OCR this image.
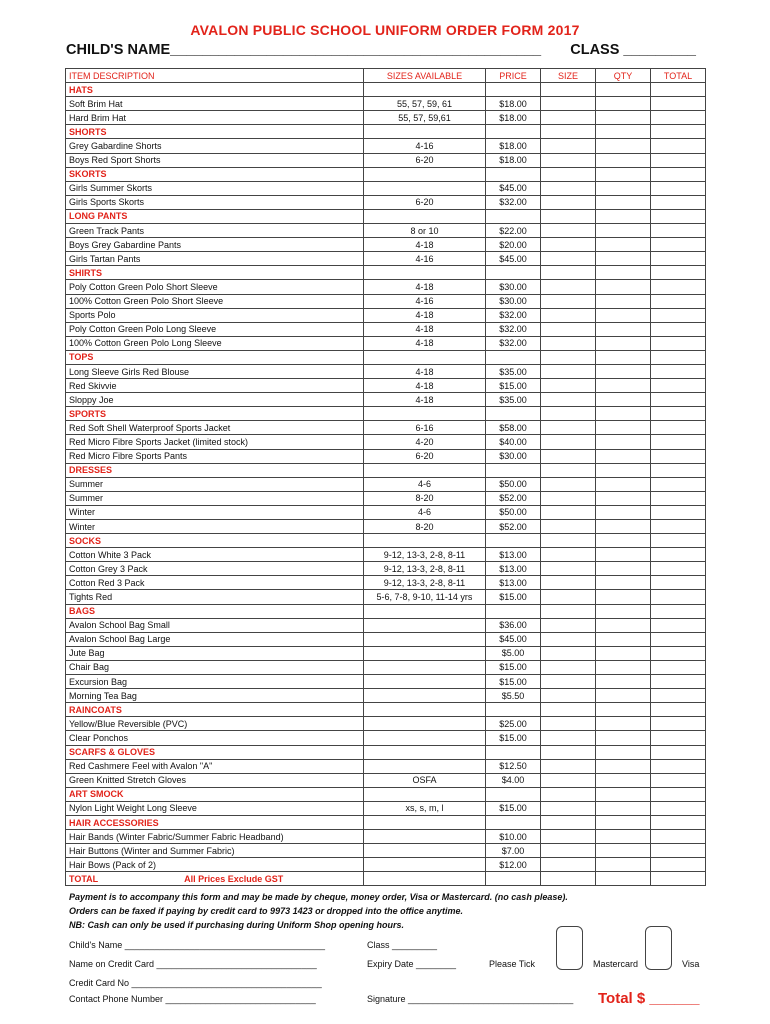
AVALON PUBLIC SCHOOL UNIFORM ORDER FORM 2017
CHILD'S NAME______________________________________________ CLASS _________
ITEM DESCRIPTION	SIZES AVAILABLE	PRICE	SIZE	QTY	TOTAL
HATS					
Soft Brim Hat	55, 57, 59, 61	$18.00			
Hard Brim Hat	55, 57, 59,61	$18.00			
SHORTS					
Grey Gabardine Shorts	4-16	$18.00			
Boys Red Sport Shorts	6-20	$18.00			
SKORTS					
Girls Summer Skorts		$45.00			
Girls Sports Skorts	6-20	$32.00			
LONG PANTS					
Green Track Pants	8 or 10	$22.00			
Boys Grey Gabardine Pants	4-18	$20.00			
Girls Tartan Pants	4-16	$45.00			
SHIRTS					
Poly Cotton Green Polo Short Sleeve	4-18	$30.00			
100% Cotton Green Polo Short Sleeve	4-16	$30.00			
Sports Polo	4-18	$32.00			
Poly Cotton Green Polo Long Sleeve	4-18	$32.00			
100% Cotton Green Polo Long Sleeve	4-18	$32.00			
TOPS					
Long Sleeve Girls Red Blouse	4-18	$35.00			
Red Skivvie	4-18	$15.00			
Sloppy Joe	4-18	$35.00			
SPORTS					
Red Soft Shell Waterproof Sports Jacket	6-16	$58.00			
Red Micro Fibre Sports Jacket (limited stock)	4-20	$40.00			
Red Micro Fibre Sports Pants	6-20	$30.00			
DRESSES					
Summer	4-6	$50.00			
Summer	8-20	$52.00			
Winter	4-6	$50.00			
Winter	8-20	$52.00			
SOCKS					
Cotton White 3 Pack	9-12, 13-3, 2-8, 8-11	$13.00			
Cotton Grey 3 Pack	9-12, 13-3, 2-8, 8-11	$13.00			
Cotton Red 3 Pack	9-12, 13-3, 2-8, 8-11	$13.00			
Tights Red	5-6, 7-8, 9-10, 11-14 yrs	$15.00			
BAGS					
Avalon School Bag Small		$36.00			
Avalon School Bag Large		$45.00			
Jute Bag		$5.00			
Chair Bag		$15.00			
Excursion Bag		$15.00			
Morning Tea Bag		$5.50			
RAINCOATS					
Yellow/Blue Reversible (PVC)		$25.00			
Clear Ponchos		$15.00			
SCARFS & GLOVES					
Red Cashmere Feel with Avalon "A"		$12.50			
Green Knitted Stretch Gloves	OSFA	$4.00			
ART SMOCK					
Nylon Light Weight Long Sleeve	xs, s, m, l	$15.00			
HAIR ACCESSORIES					
Hair Bands (Winter Fabric/Summer Fabric Headband)		$10.00			
Hair Buttons (Winter and Summer Fabric)		$7.00			
Hair Bows (Pack of 2)		$12.00			
TOTAL All Prices Exclude GST					
Payment is to accompany this form and may be made by cheque, money order, Visa or Mastercard. (no cash please).
Orders can be faxed if paying by credit card to 9973 1423 or dropped into the office anytime.
NB: Cash can only be used if purchasing during Uniform Shop opening hours.
Child's Name ________________________________________	Class _________
Name on Credit Card ________________________________	Expiry Date ________	Please Tick	Mastercard	Visa
Credit Card No ______________________________________
Contact Phone Number ______________________________	Signature _________________________________ Total $ ______
